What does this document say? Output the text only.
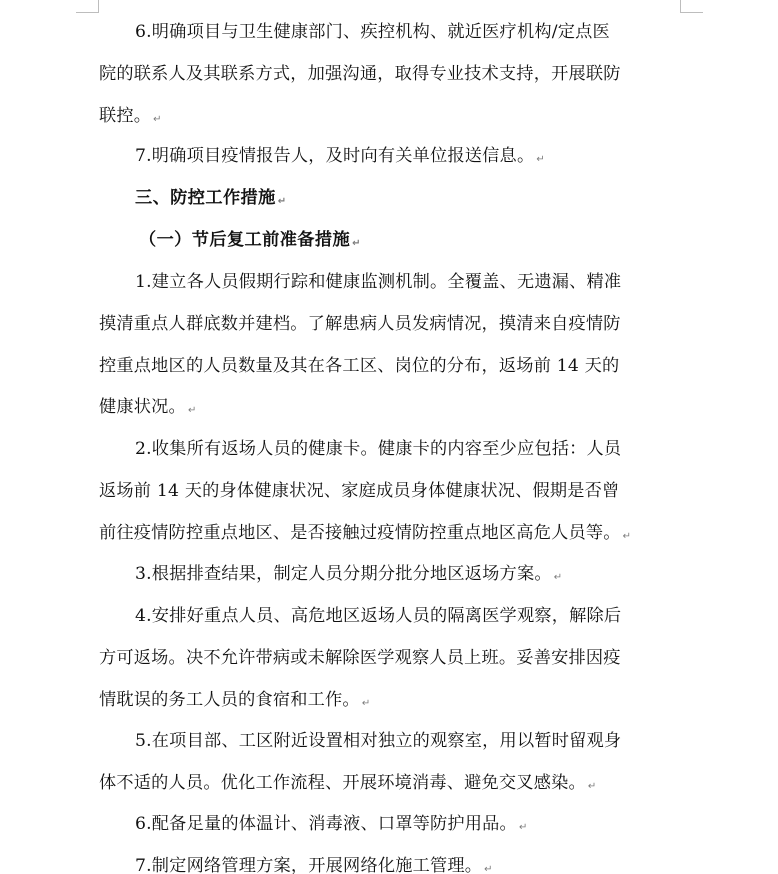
6.明确项目与卫生健康部门、疾控机构、就近医疗机构/定点医
院的联系人及其联系方式，加强沟通，取得专业技术支持，开展联防
联控。 ↵
7.明确项目疫情报告人，及时向有关单位报送信息。 ↵
三、防控工作措施 ↵
（一）节后复工前准备措施 ↵
1.建立各人员假期行踪和健康监测机制。全覆盖、无遗漏、精准
摸清重点人群底数并建档。了解患病人员发病情况，摸清来自疫情防
控重点地区的人员数量及其在各工区、岗位的分布，返场前 14 天的
健康状况。 ↵
2.收集所有返场人员的健康卡。健康卡的内容至少应包括：人员
返场前 14 天的身体健康状况、家庭成员身体健康状况、假期是否曾
前往疫情防控重点地区、是否接触过疫情防控重点地区高危人员等。 ↵
3.根据排查结果，制定人员分期分批分地区返场方案。 ↵
4.安排好重点人员、高危地区返场人员的隔离医学观察，解除后
方可返场。决不允许带病或未解除医学观察人员上班。妥善安排因疫
情耽误的务工人员的食宿和工作。 ↵
5.在项目部、工区附近设置相对独立的观察室，用以暂时留观身
体不适的人员。优化工作流程、开展环境消毒、避免交叉感染。 ↵
6.配备足量的体温计、消毒液、口罩等防护用品。 ↵
7.制定网络管理方案，开展网络化施工管理。 ↵
